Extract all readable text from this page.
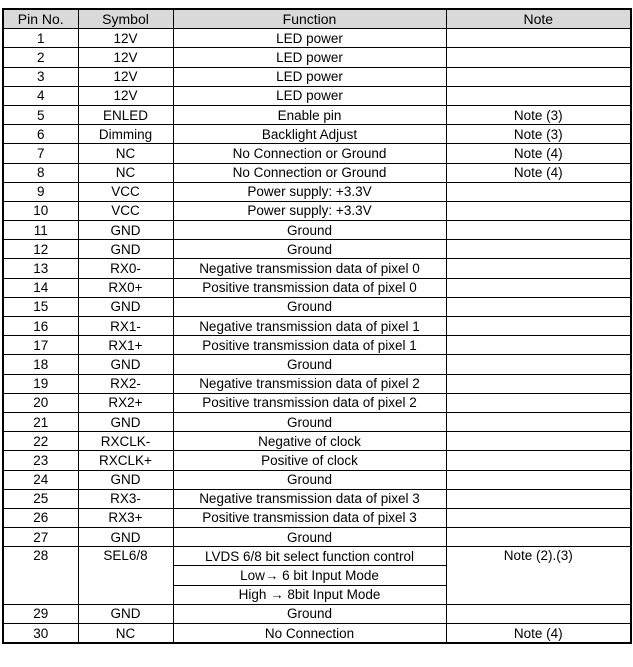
Pin No.	Symbol	Function	Note
1	12V	LED power	
2	12V	LED power	
3	12V	LED power	
4	12V	LED power	
5	ENLED	Enable pin	Note (3)
6	Dimming	Backlight Adjust	Note (3)
7	NC	No Connection or Ground	Note (4)
8	NC	No Connection or Ground	Note (4)
9	VCC	Power supply: +3.3V	
10	VCC	Power supply: +3.3V	
11	GND	Ground	
12	GND	Ground	
13	RX0-	Negative transmission data of pixel 0	
14	RX0+	Positive transmission data of pixel 0	
15	GND	Ground	
16	RX1-	Negative transmission data of pixel 1	
17	RX1+	Positive transmission data of pixel 1	
18	GND	Ground	
19	RX2-	Negative transmission data of pixel 2	
20	RX2+	Positive transmission data of pixel 2	
21	GND	Ground	
22	RXCLK-	Negative of clock	
23	RXCLK+	Positive of clock	
24	GND	Ground	
25	RX3-	Negative transmission data of pixel 3	
26	RX3+	Positive transmission data of pixel 3	
27	GND	Ground	
28	SEL6/8	LVDS 6/8 bit select function control	Note (2).(3)
		Low→ 6 bit Input Mode	
		High → 8bit Input Mode	
29	GND	Ground	
30	NC	No Connection	Note (4)
